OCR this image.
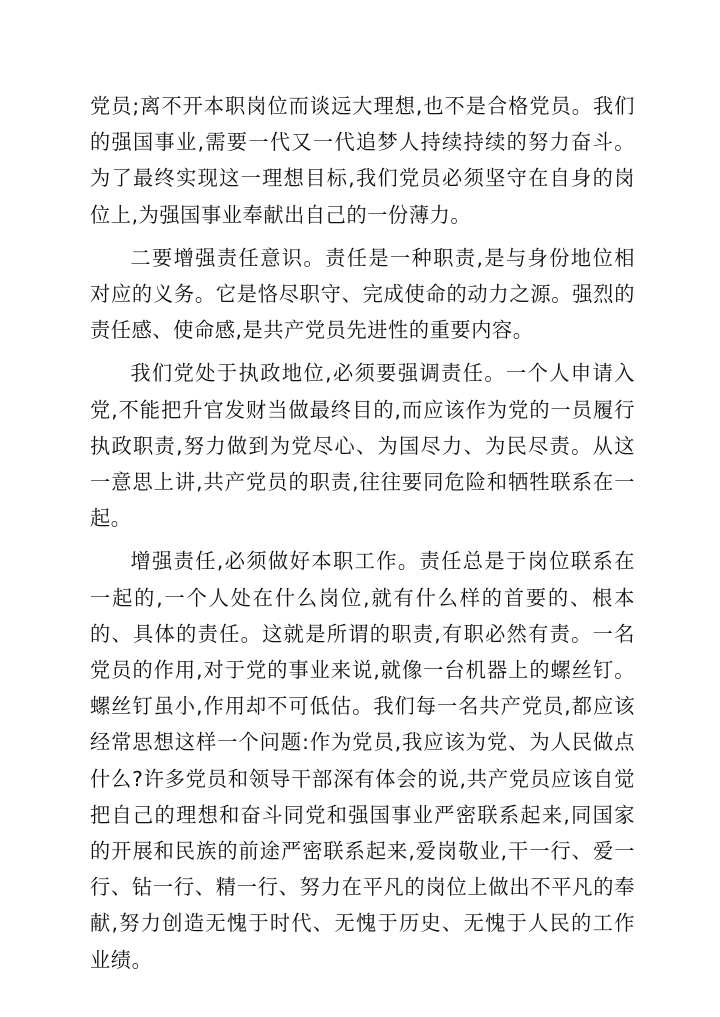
党员;离不开本职岗位而谈远大理想,也不是合格党员。我们的强国事业,需要一代又一代追梦人持续持续的努力奋斗。为了最终实现这一理想目标,我们党员必须坚守在自身的岗位上,为强国事业奉献出自己的一份薄力。

二要增强责任意识。责任是一种职责,是与身份地位相对应的义务。它是恪尽职守、完成使命的动力之源。强烈的责任感、使命感,是共产党员先进性的重要内容。

我们党处于执政地位,必须要强调责任。一个人申请入党,不能把升官发财当做最终目的,而应该作为党的一员履行执政职责,努力做到为党尽心、为国尽力、为民尽责。从这一意思上讲,共产党员的职责,往往要同危险和牺牲联系在一起。

增强责任,必须做好本职工作。责任总是于岗位联系在一起的,一个人处在什么岗位,就有什么样的首要的、根本的、具体的责任。这就是所谓的职责,有职必然有责。一名党员的作用,对于党的事业来说,就像一台机器上的螺丝钉。螺丝钉虽小,作用却不可低估。我们每一名共产党员,都应该经常思想这样一个问题:作为党员,我应该为党、为人民做点什么?许多党员和领导干部深有体会的说,共产党员应该自觉把自己的理想和奋斗同党和强国事业严密联系起来,同国家的开展和民族的前途严密联系起来,爱岗敬业,干一行、爱一行、钻一行、精一行、努力在平凡的岗位上做出不平凡的奉献,努力创造无愧于时代、无愧于历史、无愧于人民的工作业绩。
